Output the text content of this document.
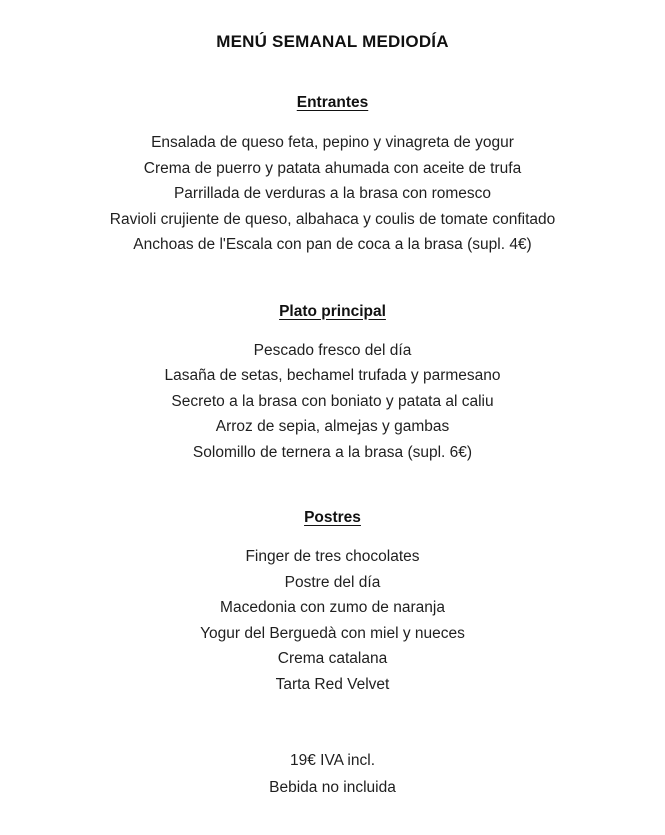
MENÚ SEMANAL MEDIODÍA
Entrantes
Ensalada de queso feta, pepino y vinagreta de yogur
Crema de puerro y patata ahumada con aceite de trufa
Parrillada de verduras a la brasa con romesco
Ravioli crujiente de queso, albahaca y coulis de tomate confitado
Anchoas de l'Escala con pan de coca a la brasa (supl. 4€)
Plato principal
Pescado fresco del día
Lasaña de setas, bechamel trufada y parmesano
Secreto a la brasa con boniato y patata al caliu
Arroz de sepia, almejas y gambas
Solomillo de ternera a la brasa (supl. 6€)
Postres
Finger de tres chocolates
Postre del día
Macedonia con zumo de naranja
Yogur del Berguedà con miel y nueces
Crema catalana
Tarta Red Velvet
19€ IVA incl.
Bebida no incluida
